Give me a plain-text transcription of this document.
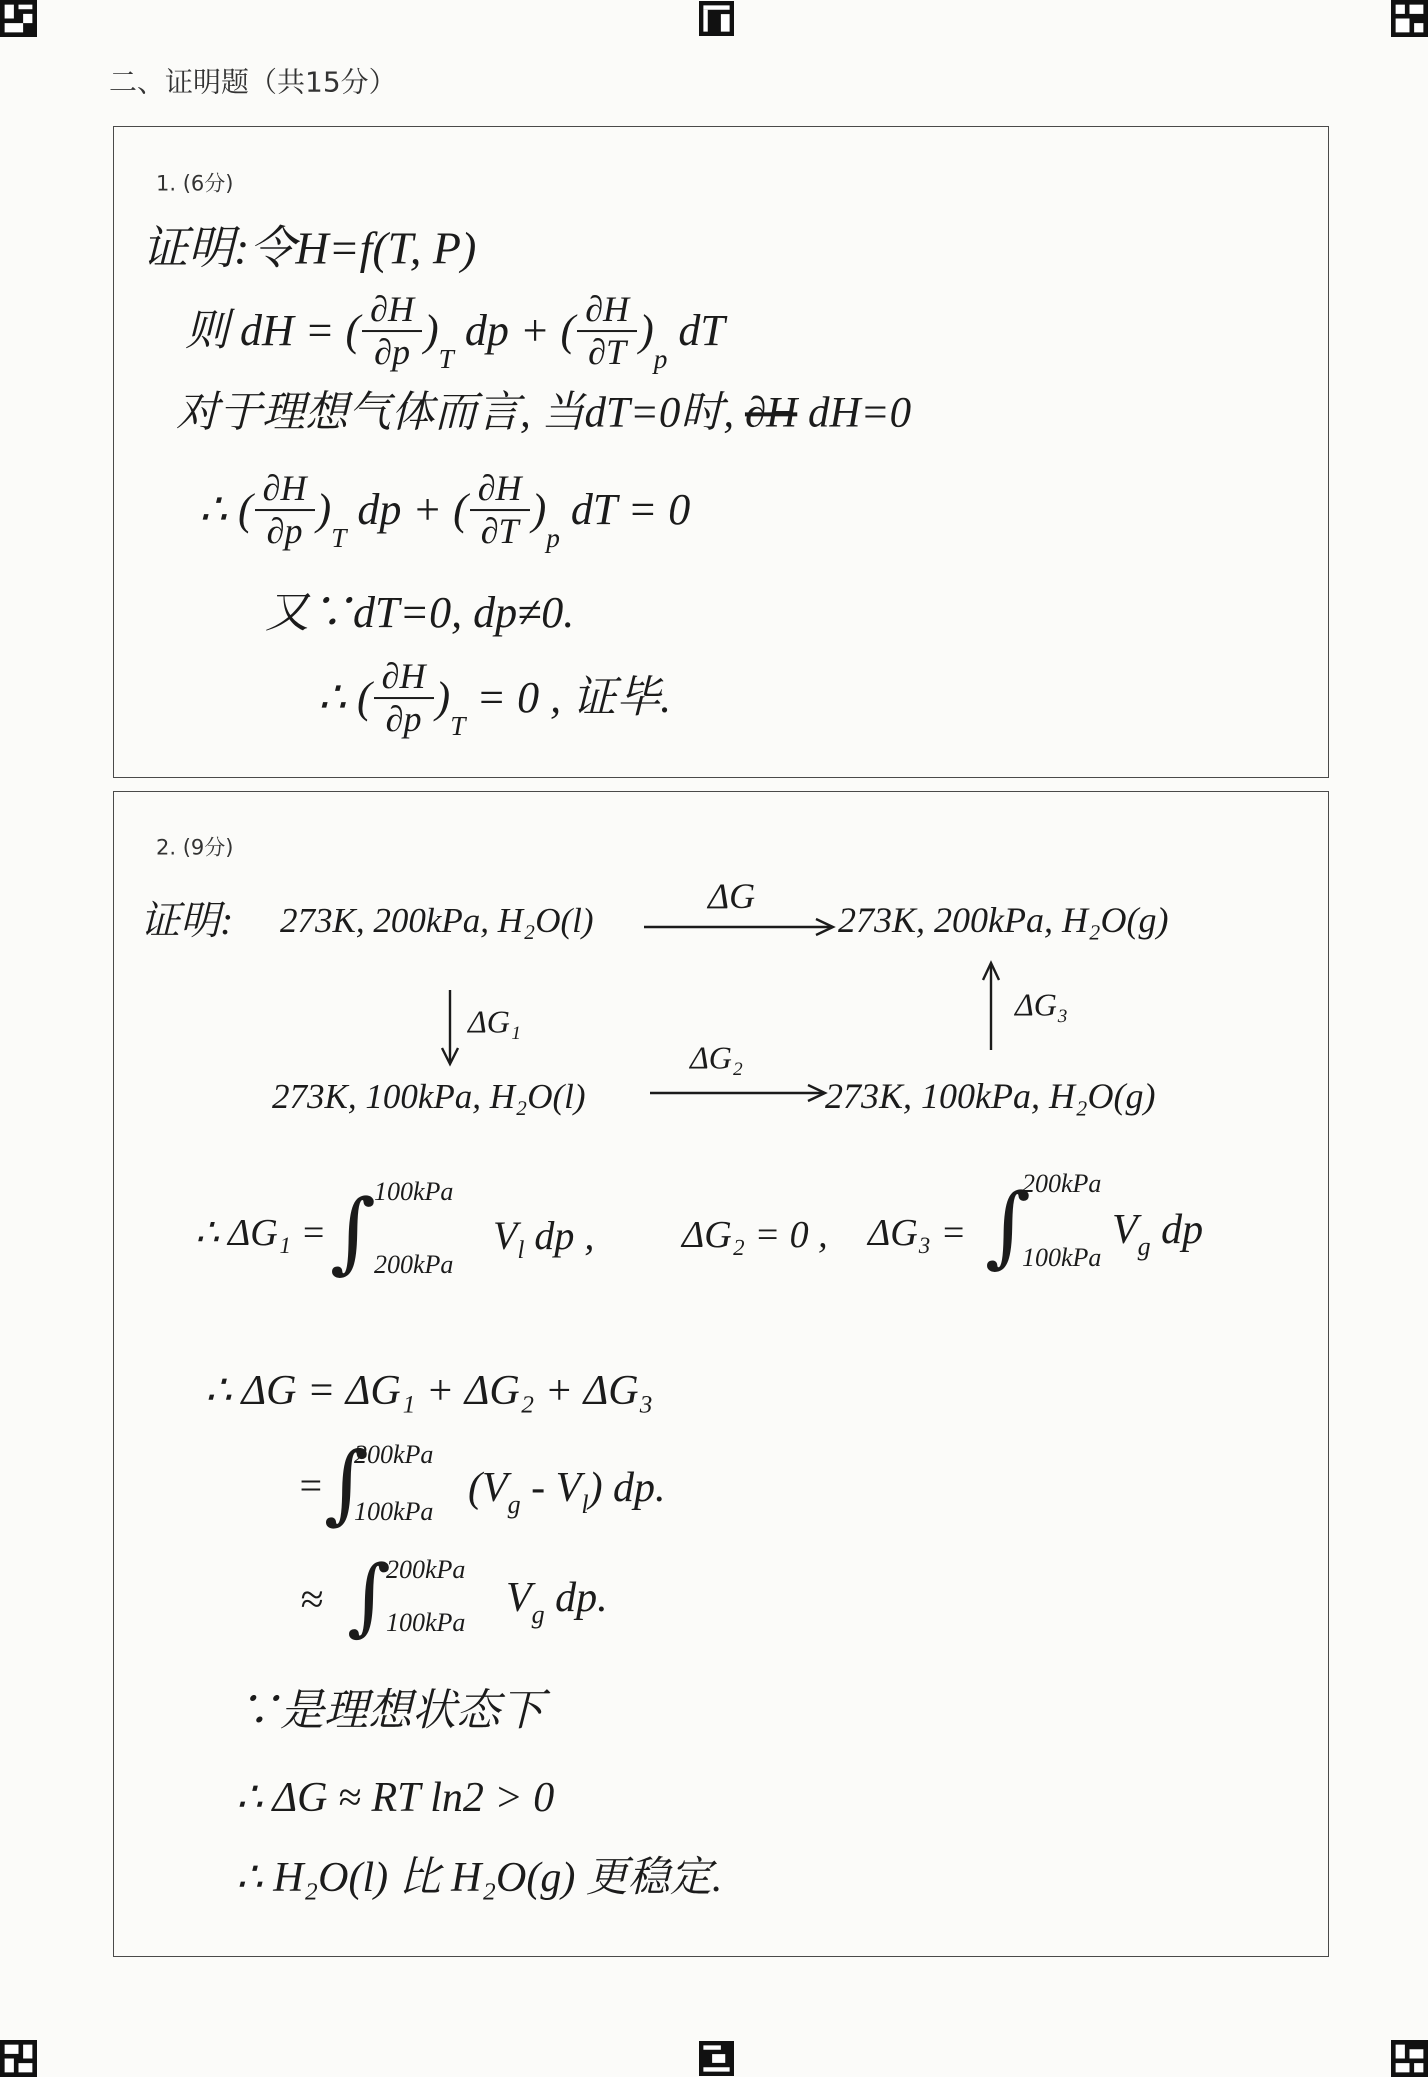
二、证明题（共15分）
1. (6分)
证明:令H=f(T, P)
则 dH = ( $\frac{\partial H}{\partial p}$ )
$_T$
dp + ( $\frac{\partial H}{\partial T}$ )
$_p$
dT
对于理想气体而言, 当dT=0时, ∂H dH=0
∴ ( $\frac{\partial H}{\partial p}$ )
$_T$
dp + ( $\frac{\partial H}{\partial T}$ )
$_p$
dT = 0
又∵dT=0, dp≠0.
∴ ( $\frac{\partial H}{\partial p}$ )
$_T$
= 0 , 证毕.
2. (9分)
证明: 273K, 200kPa, H₂O(l)
ΔG
273K, 200kPa, H₂O(g)
ΔG₁	ΔG₃
273K, 100kPa, H₂O(l)
ΔG₂
273K, 100kPa, H₂O(g)
∴ ΔG₁ = ∫
100kPa
200kPa
$V_l$ dp , ΔG₂ = 0 , ΔG₃ = ∫
200kPa
100kPa
$V_g$ dp
∴ ΔG = ΔG₁ + ΔG₂ + ΔG₃
= ∫
200kPa
100kPa
($V_g - V_l$ ) dp.
≈ ∫
200kPa
100kPa
$V_g$ dp.
∵是理想状态下
∴ ΔG ≈ RT ln2 > 0
∴ H₂O(l) 比 H₂O(g) 更稳定.
